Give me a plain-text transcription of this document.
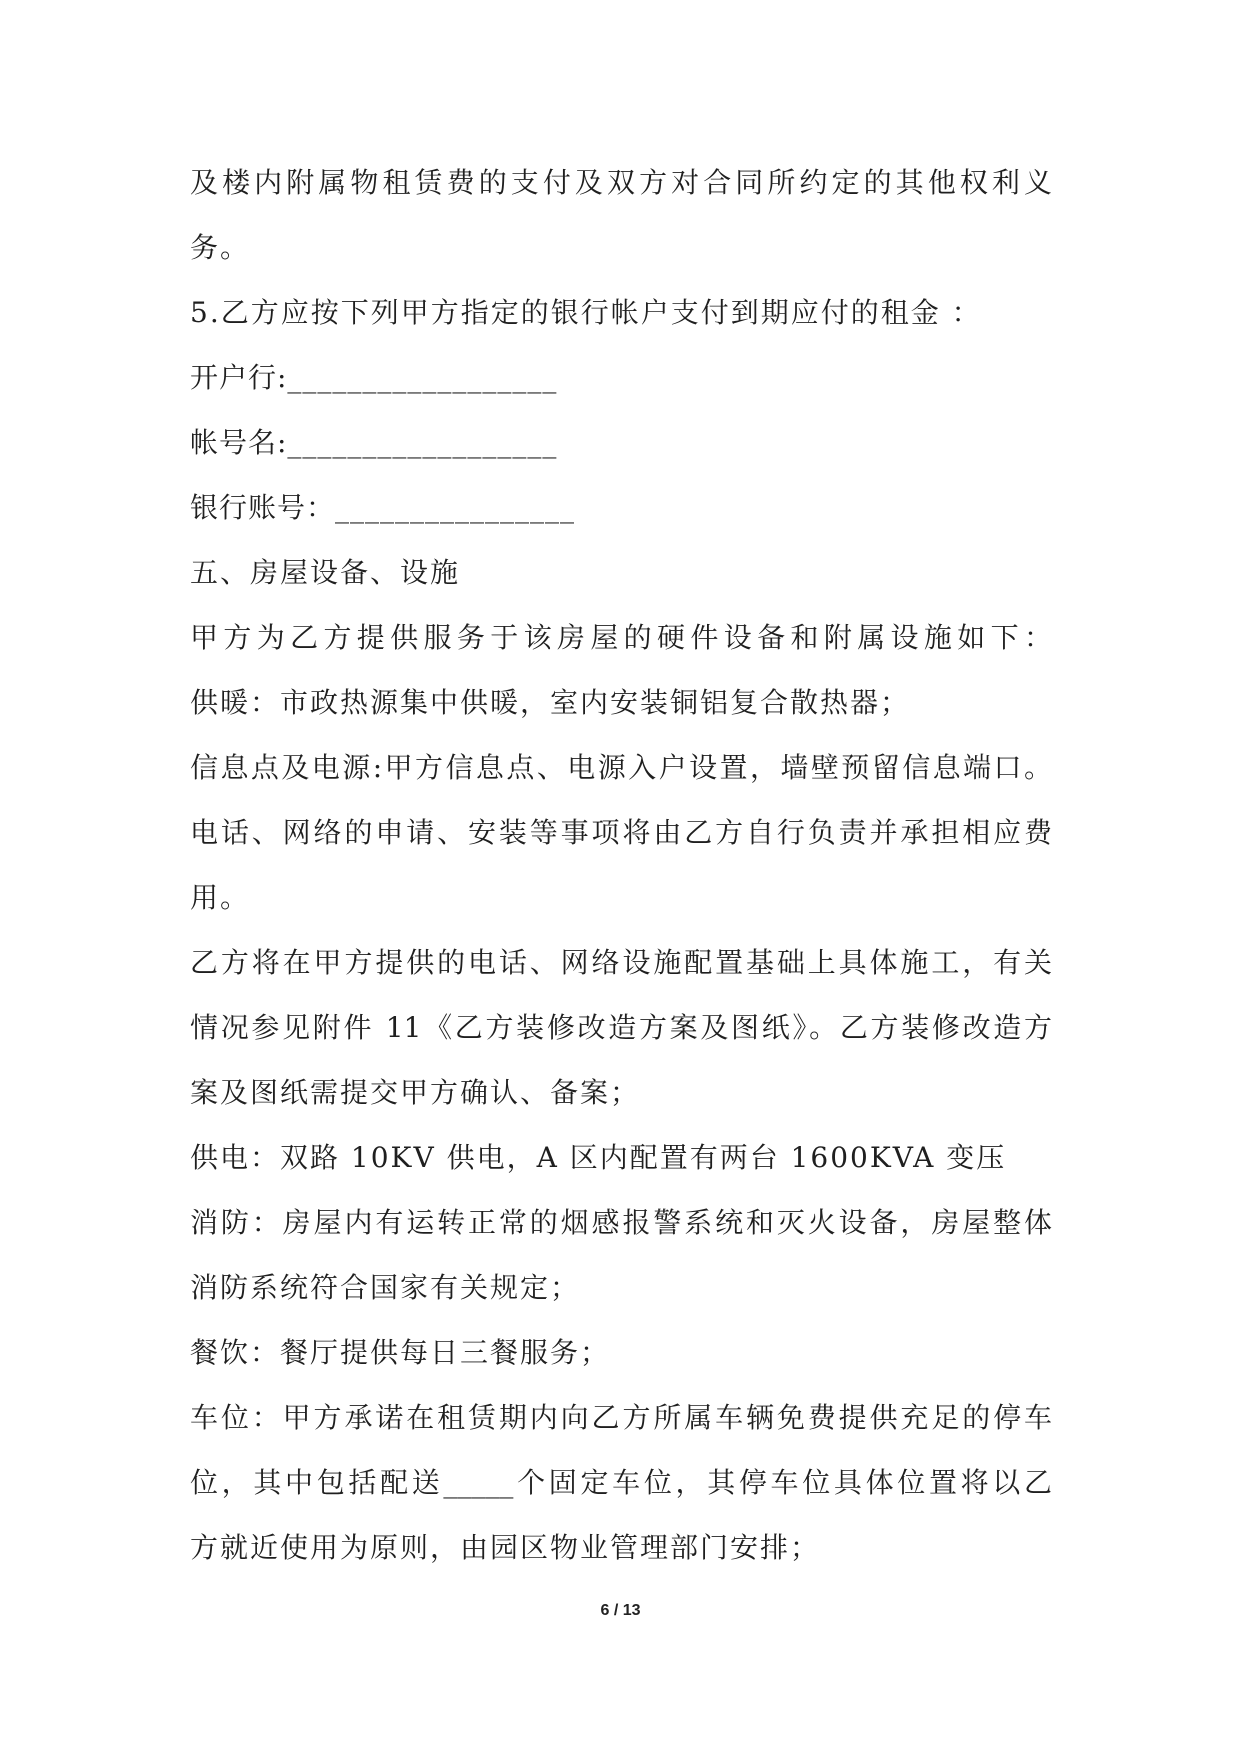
及楼内附属物租赁费的支付及双方对合同所约定的其他权利义
务。
5.乙方应按下列甲方指定的银行帐户支付到期应付的租金 ：
开户行:__________________
帐号名:__________________
银行账号：________________
五、房屋设备、设施
甲方为乙方提供服务于该房屋的硬件设备和附属设施如下：
供暖：市政热源集中供暖，室内安装铜铝复合散热器；
信息点及电源:甲方信息点、电源入户设置，墙壁预留信息端口。
电话、网络的申请、安装等事项将由乙方自行负责并承担相应费
用。
乙方将在甲方提供的电话、网络设施配置基础上具体施工，有关
情况参见附件 11《乙方装修改造方案及图纸》。乙方装修改造方
案及图纸需提交甲方确认、备案；
供电：双路 10KV 供电，A 区内配置有两台 1600KVA 变压
消防：房屋内有运转正常的烟感报警系统和灭火设备，房屋整体
消防系统符合国家有关规定；
餐饮：餐厅提供每日三餐服务；
车位：甲方承诺在租赁期内向乙方所属车辆免费提供充足的停车
位，其中包括配送_____个固定车位，其停车位具体位置将以乙
方就近使用为原则，由园区物业管理部门安排；
6 / 13
